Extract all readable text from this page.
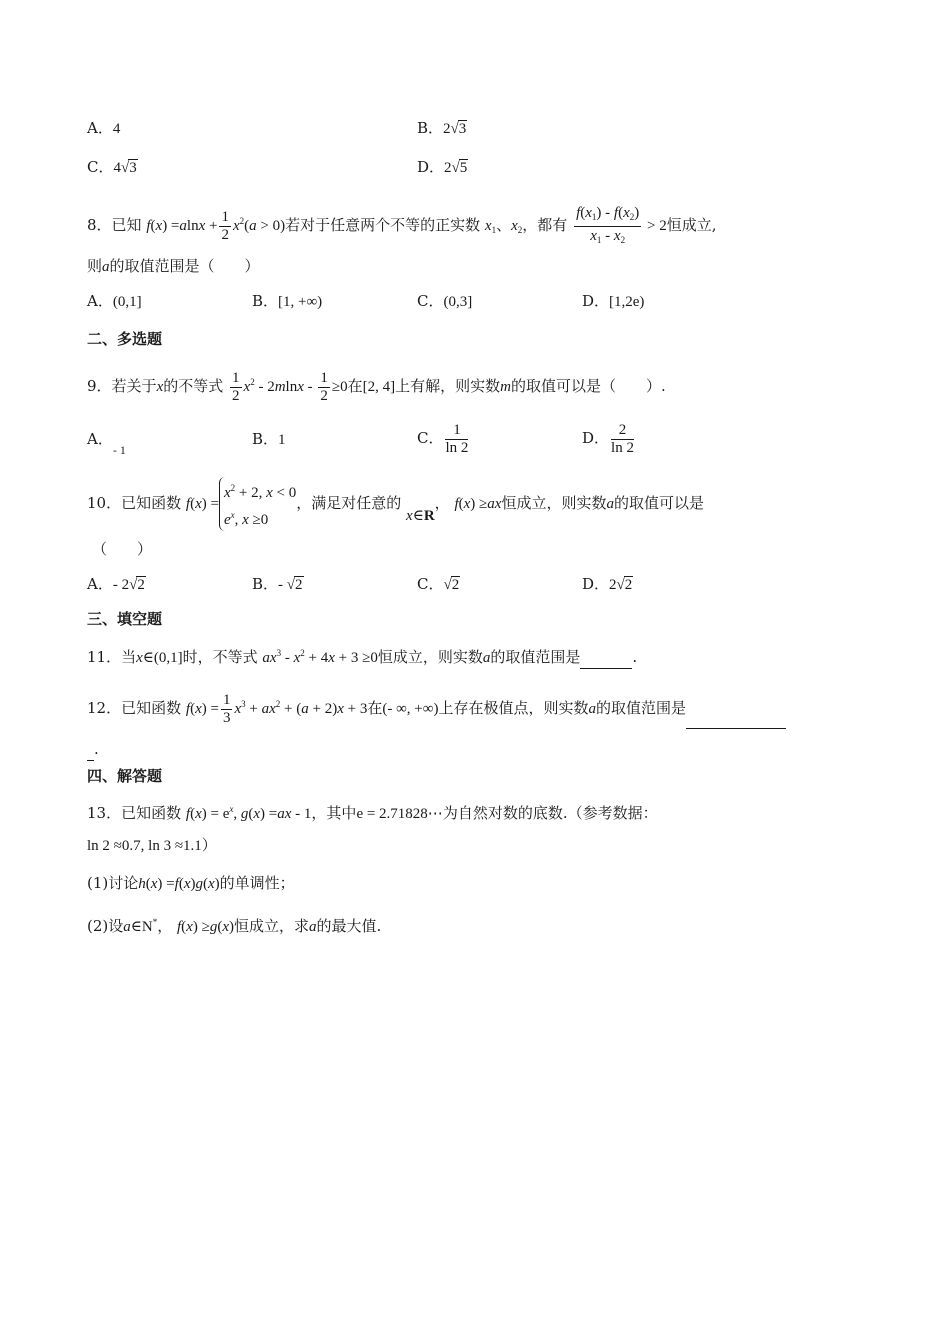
A．4	B．2√3
C．4√3	D．2√5
8．已知 $f(x) =alnx + \frac{1}{2} x^2(a > 0)$若对于任意两个不等的正实数 $x_1$、$x_2$，都有 $\frac{f(x_1) - f(x_2)}{x_1 - x_2} > 2$恒成立,
则a的取值范围是（　　）
A．(0,1]	B．[1, +∞)	C．(0,3]	D．[1,2e)
二、多选题
9．若关于x的不等式 $\frac{1}{2} x^2 - 2mlnx - \frac{1}{2} \ge 0$在[2, 4]上有解，则实数m的取值可以是（　　）.
A．$_{- 1}$
B．1	C． $\frac{1}{\ln 2}$	D． $\frac{2}{\ln 2}$
10．已知函数 f(x) =
$x^2 + 2$, x < 0
$e^x$, x ≥0
，满足对任意的 x∈R， f(x) ≥ax恒成立，则实数a的取值可以是
（　　）
A．- 2√2	B．- √2	C．√2	D．2√2
三、填空题
11．当x∈(0,1]时，不等式 $ax^3 - x^2 + 4x + 3 \ge 0$恒成立，则实数a的取值范围是	.
12．已知函数 $f(x) = \frac{1}{3} x^3 + ax^2 + (a + 2)x + 3$在(- ∞, +∞)上存在极值点，则实数a的取值范围是
.
四、解答题
13．已知函数 $f(x) = e^x$, g(x) =ax - 1，其中e = 2.71828⋯为自然对数的底数.（参考数据：
ln 2 ≈0.7, ln 3 ≈1.1）
(1)讨论h(x) =f(x)g(x)的单调性；
(2)设a∈N*， f(x) ≥g(x)恒成立，求a的最大值.
